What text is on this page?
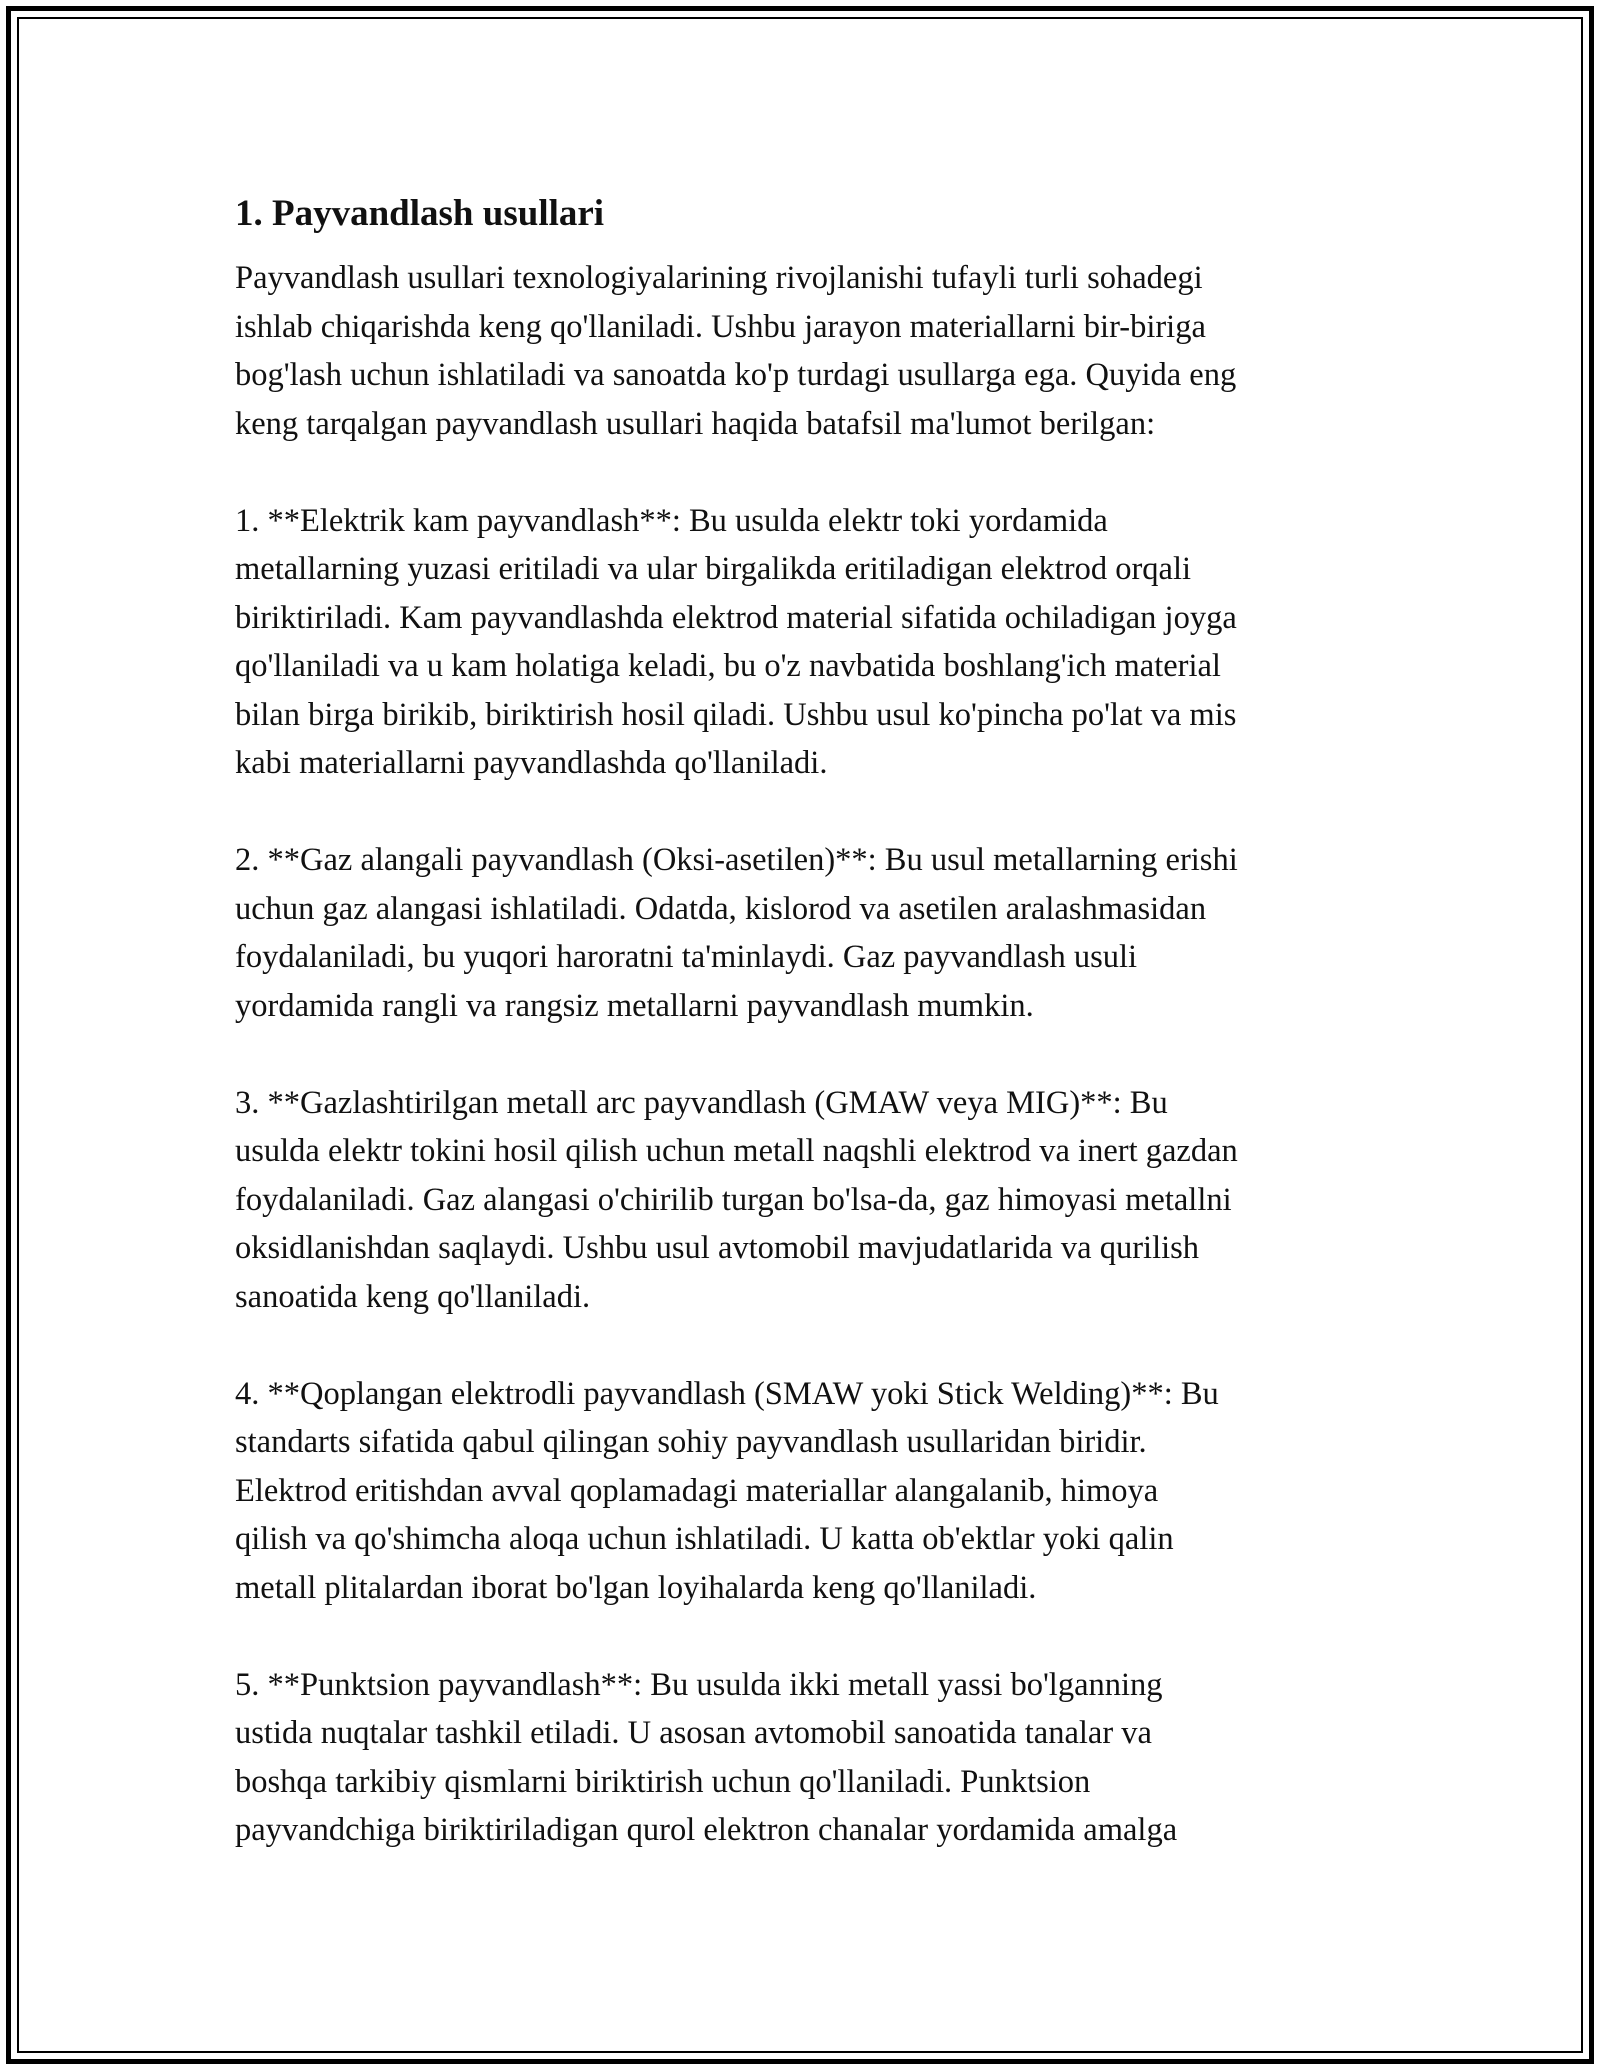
1. Payvandlash usullari
Payvandlash usullari texnologiyalarining rivojlanishi tufayli turli sohadegi
ishlab chiqarishda keng qo'llaniladi. Ushbu jarayon materiallarni bir-biriga
bog'lash uchun ishlatiladi va sanoatda ko'p turdagi usullarga ega. Quyida eng
keng tarqalgan payvandlash usullari haqida batafsil ma'lumot berilgan:
1. **Elektrik kam payvandlash**: Bu usulda elektr toki yordamida
metallarning yuzasi eritiladi va ular birgalikda eritiladigan elektrod orqali
biriktiriladi. Kam payvandlashda elektrod material sifatida ochiladigan joyga
qo'llaniladi va u kam holatiga keladi, bu o'z navbatida boshlang'ich material
bilan birga birikib, biriktirish hosil qiladi. Ushbu usul ko'pincha po'lat va mis
kabi materiallarni payvandlashda qo'llaniladi.
2. **Gaz alangali payvandlash (Oksi-asetilen)**: Bu usul metallarning erishi
uchun gaz alangasi ishlatiladi. Odatda, kislorod va asetilen aralashmasidan
foydalaniladi, bu yuqori haroratni ta'minlaydi. Gaz payvandlash usuli
yordamida rangli va rangsiz metallarni payvandlash mumkin.
3. **Gazlashtirilgan metall arc payvandlash (GMAW veya MIG)**: Bu
usulda elektr tokini hosil qilish uchun metall naqshli elektrod va inert gazdan
foydalaniladi. Gaz alangasi o'chirilib turgan bo'lsa-da, gaz himoyasi metallni
oksidlanishdan saqlaydi. Ushbu usul avtomobil mavjudatlarida va qurilish
sanoatida keng qo'llaniladi.
4. **Qoplangan elektrodli payvandlash (SMAW yoki Stick Welding)**: Bu
standarts sifatida qabul qilingan sohiy payvandlash usullaridan biridir.
Elektrod eritishdan avval qoplamadagi materiallar alangalanib, himoya
qilish va qo'shimcha aloqa uchun ishlatiladi. U katta ob'ektlar yoki qalin
metall plitalardan iborat bo'lgan loyihalarda keng qo'llaniladi.
5. **Punktsion payvandlash**: Bu usulda ikki metall yassi bo'lganning
ustida nuqtalar tashkil etiladi. U asosan avtomobil sanoatida tanalar va
boshqa tarkibiy qismlarni biriktirish uchun qo'llaniladi. Punktsion
payvandchiga biriktiriladigan qurol elektron chanalar yordamida amalga
